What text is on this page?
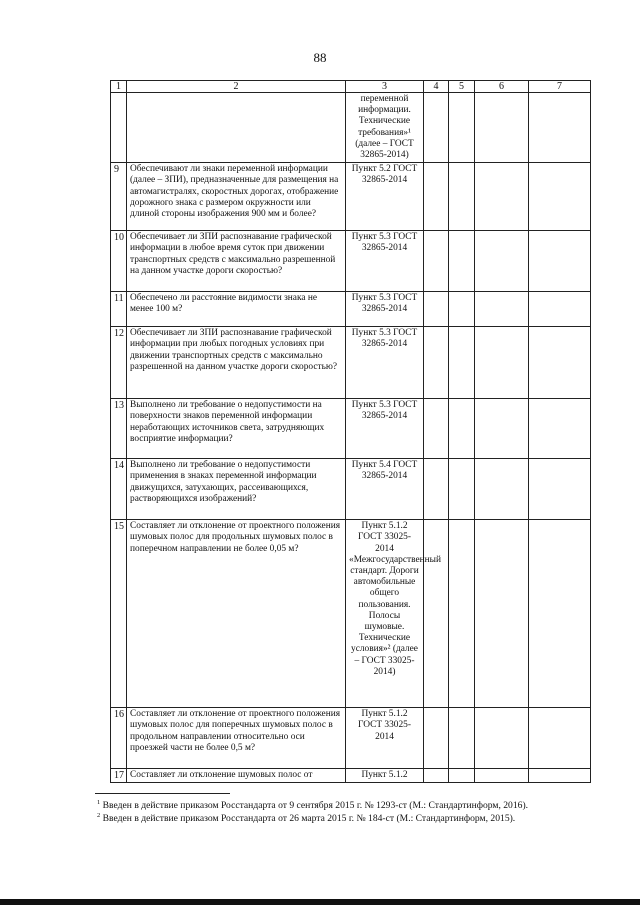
88
1	2	3	4	5	6	7
		переменной информации. Технические требования»¹ (далее – ГОСТ 32865-2014)				
9	Обеспечивают ли знаки переменной информации (далее – ЗПИ), предназначенные для размещения на автомагистралях, скоростных дорогах, отображение дорожного знака с размером окружности или длиной стороны изображения 900 мм и более?	Пункт 5.2 ГОСТ 32865-2014				
10	Обеспечивает ли ЗПИ распознавание графической информации в любое время суток при движении транспортных средств с максимально разрешенной на данном участке дороги скоростью?	Пункт 5.3 ГОСТ 32865-2014				
11	Обеспечено ли расстояние видимости знака не менее 100 м?	Пункт 5.3 ГОСТ 32865-2014				
12	Обеспечивает ли ЗПИ распознавание графической информации при любых погодных условиях при движении транспортных средств с максимально разрешенной на данном участке дороги скоростью?	Пункт 5.3 ГОСТ 32865-2014				
13	Выполнено ли требование о недопустимости на поверхности знаков переменной информации неработающих источников света, затрудняющих восприятие информации?	Пункт 5.3 ГОСТ 32865-2014				
14	Выполнено ли требование о недопустимости применения в знаках переменной информации движущихся, затухающих, рассеивающихся, растворяющихся изображений?	Пункт 5.4 ГОСТ 32865-2014				
15	Составляет ли отклонение от проектного положения шумовых полос для продольных шумовых полос в поперечном направлении не более 0,05 м?	Пункт 5.1.2 ГОСТ 33025-2014 «Межгосударственный стандарт. Дороги автомобильные общего пользования. Полосы шумовые. Технические условия»² (далее – ГОСТ 33025-2014)				
16	Составляет ли отклонение от проектного положения шумовых полос для поперечных шумовых полос в продольном направлении относительно оси проезжей части не более 0,5 м?	Пункт 5.1.2 ГОСТ 33025-2014				
17	Составляет ли отклонение шумовых полос от	Пункт 5.1.2				
$^1$ Введен в действие приказом Росстандарта от 9 сентября 2015 г. № 1293-ст (М.: Стандартинформ, 2016).
$^2$ Введен в действие приказом Росстандарта от 26 марта 2015 г. № 184-ст (М.: Стандартинформ, 2015).
